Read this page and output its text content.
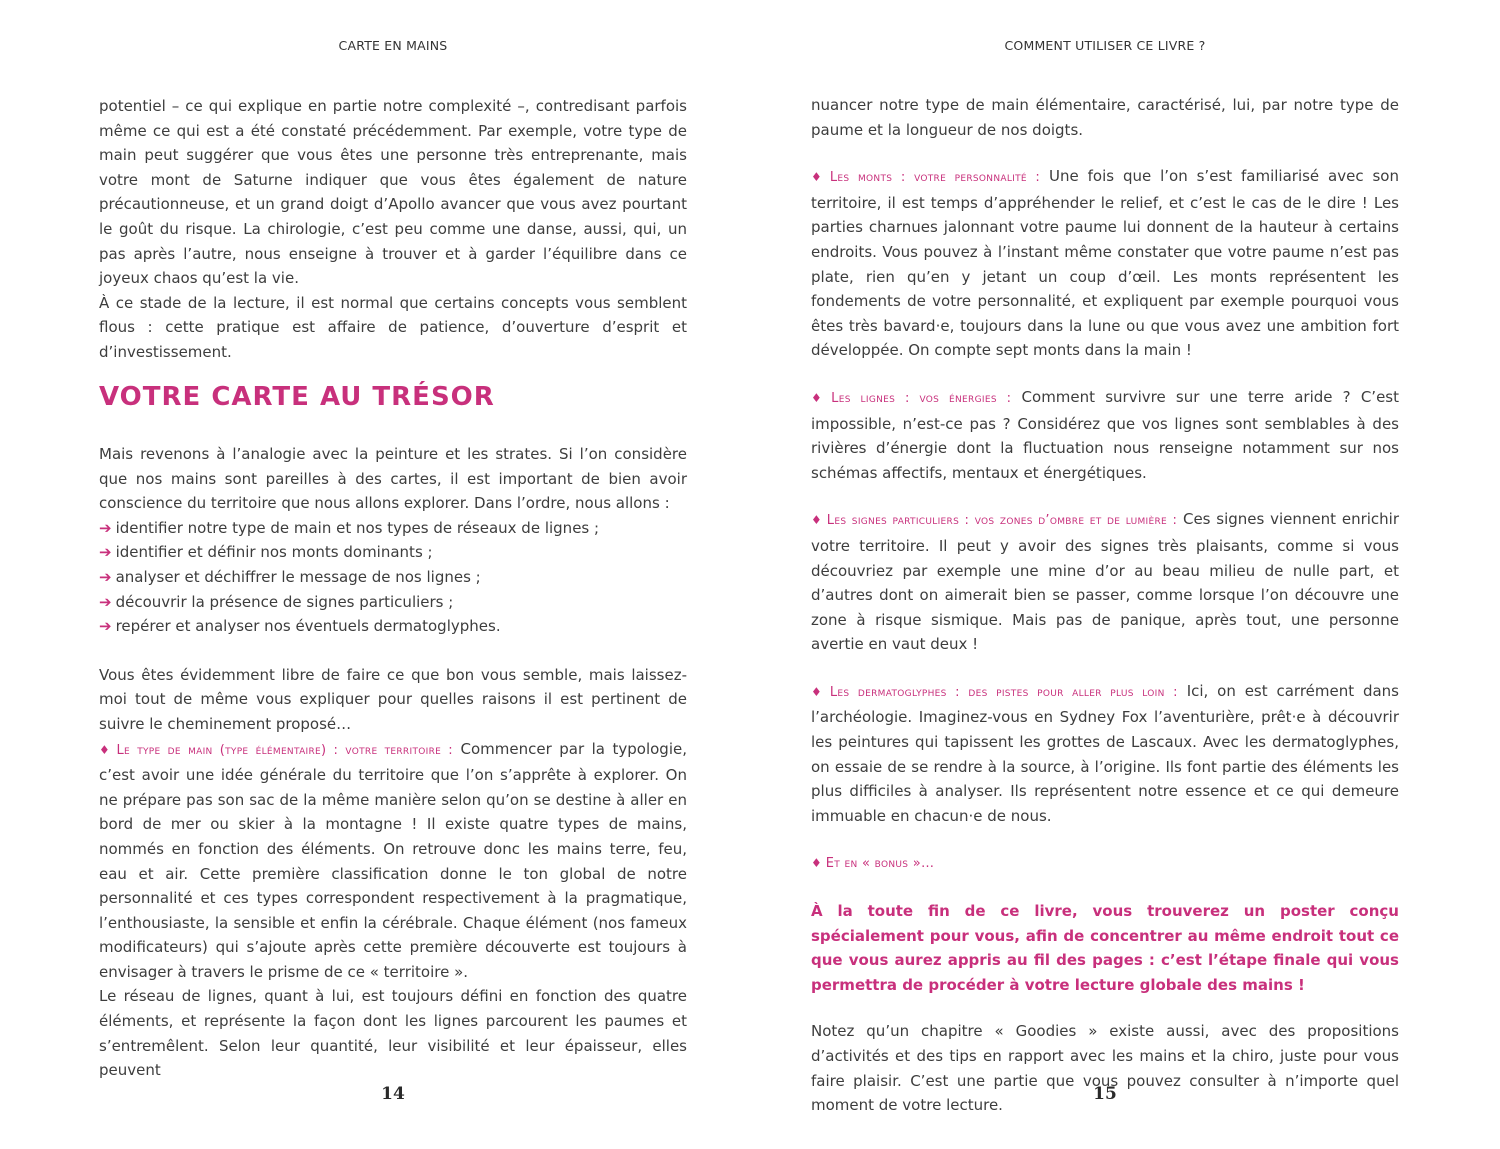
CARTE EN MAINS

potentiel – ce qui explique en partie notre complexité –, contredisant parfois même ce qui est a été constaté précédemment. Par exemple, votre type de main peut suggérer que vous êtes une personne très entreprenante, mais votre mont de Saturne indiquer que vous êtes également de nature précautionneuse, et un grand doigt d’Apollo avancer que vous avez pourtant le goût du risque. La chirologie, c’est peu comme une danse, aussi, qui, un pas après l’autre, nous enseigne à trouver et à garder l’équilibre dans ce joyeux chaos qu’est la vie.

À ce stade de la lecture, il est normal que certains concepts vous semblent flous : cette pratique est affaire de patience, d’ouverture d’esprit et d’investissement.

VOTRE CARTE AU TRÉSOR

Mais revenons à l’analogie avec la peinture et les strates. Si l’on considère que nos mains sont pareilles à des cartes, il est important de bien avoir conscience du territoire que nous allons explorer. Dans l’ordre, nous allons :

➔ identifier notre type de main et nos types de réseaux de lignes ;
➔ identifier et définir nos monts dominants ;
➔ analyser et déchiffrer le message de nos lignes ;
➔ découvrir la présence de signes particuliers ;
➔ repérer et analyser nos éventuels dermatoglyphes.

Vous êtes évidemment libre de faire ce que bon vous semble, mais laissez-moi tout de même vous expliquer pour quelles raisons il est pertinent de suivre le cheminement proposé…

♦ Le type de main (type élémentaire) : votre territoire : Commencer par la typologie, c’est avoir une idée générale du territoire que l’on s’apprête à explorer. On ne prépare pas son sac de la même manière selon qu’on se destine à aller en bord de mer ou skier à la montagne ! Il existe quatre types de mains, nommés en fonction des éléments. On retrouve donc les mains terre, feu, eau et air. Cette première classification donne le ton global de notre personnalité et ces types correspondent respectivement à la pragmatique, l’enthousiaste, la sensible et enfin la cérébrale. Chaque élément (nos fameux modificateurs) qui s’ajoute après cette première découverte est toujours à envisager à travers le prisme de ce « territoire ».

Le réseau de lignes, quant à lui, est toujours défini en fonction des quatre éléments, et représente la façon dont les lignes parcourent les paumes et s’entremêlent. Selon leur quantité, leur visibilité et leur épaisseur, elles peuvent

14
COMMENT UTILISER CE LIVRE ?

nuancer notre type de main élémentaire, caractérisé, lui, par notre type de paume et la longueur de nos doigts.

♦ Les monts : votre personnalité : Une fois que l’on s’est familiarisé avec son territoire, il est temps d’appréhender le relief, et c’est le cas de le dire ! Les parties charnues jalonnant votre paume lui donnent de la hauteur à certains endroits. Vous pouvez à l’instant même constater que votre paume n’est pas plate, rien qu’en y jetant un coup d’œil. Les monts représentent les fondements de votre personnalité, et expliquent par exemple pourquoi vous êtes très bavard·e, toujours dans la lune ou que vous avez une ambition fort développée. On compte sept monts dans la main !

♦ Les lignes : vos énergies : Comment survivre sur une terre aride ? C’est impossible, n’est-ce pas ? Considérez que vos lignes sont semblables à des rivières d’énergie dont la fluctuation nous renseigne notamment sur nos schémas affectifs, mentaux et énergétiques.

♦ Les signes particuliers : vos zones d’ombre et de lumière : Ces signes viennent enrichir votre territoire. Il peut y avoir des signes très plaisants, comme si vous découvriez par exemple une mine d’or au beau milieu de nulle part, et d’autres dont on aimerait bien se passer, comme lorsque l’on découvre une zone à risque sismique. Mais pas de panique, après tout, une personne avertie en vaut deux !

♦ Les dermatoglyphes : des pistes pour aller plus loin : Ici, on est carrément dans l’archéologie. Imaginez-vous en Sydney Fox l’aventurière, prêt·e à découvrir les peintures qui tapissent les grottes de Lascaux. Avec les dermatoglyphes, on essaie de se rendre à la source, à l’origine. Ils font partie des éléments les plus difficiles à analyser. Ils représentent notre essence et ce qui demeure immuable en chacun·e de nous.

♦ Et en « bonus »…

À la toute fin de ce livre, vous trouverez un poster conçu spécialement pour vous, afin de concentrer au même endroit tout ce que vous aurez appris au fil des pages : c’est l’étape finale qui vous permettra de procéder à votre lecture globale des mains !

Notez qu’un chapitre « Goodies » existe aussi, avec des propositions d’activités et des tips en rapport avec les mains et la chiro, juste pour vous faire plaisir. C’est une partie que vous pouvez consulter à n’importe quel moment de votre lecture.

15
